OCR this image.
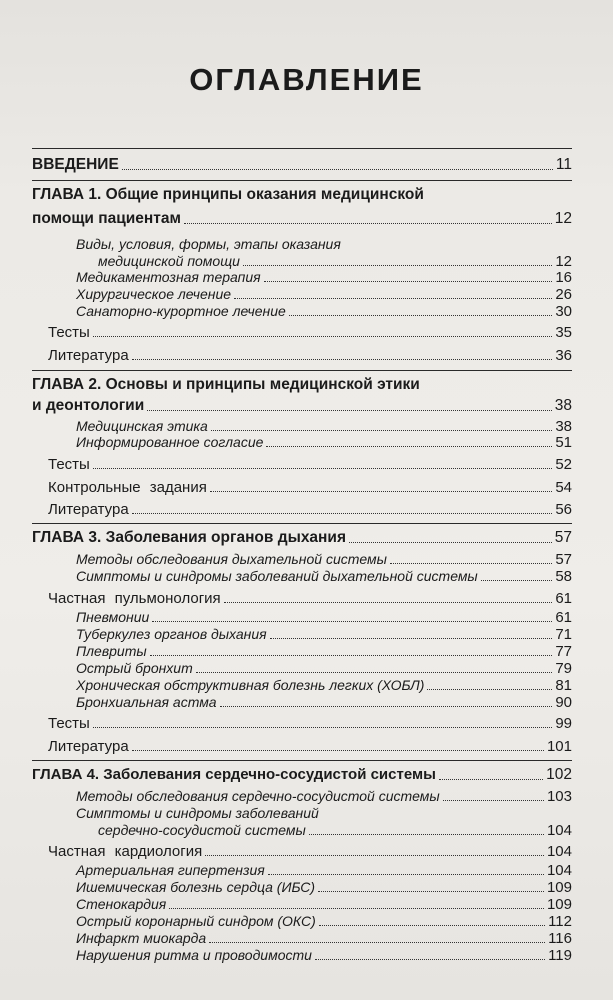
ОГЛАВЛЕНИЕ
ВВЕДЕНИЕ	11
ГЛАВА 1. Общие принципы оказания медицинской
помощи пациентам	12
Виды, условия, формы, этапы оказания
медицинской помощи	12
Медикаментозная терапия	16
Хирургическое лечение	26
Санаторно-курортное лечение	30
Тесты	35
Литература	36
ГЛАВА 2. Основы и принципы медицинской этики
и деонтологии	38
Медицинская этика	38
Информированное согласие	51
Тесты	52
Контрольные задания	54
Литература	56
ГЛАВА 3. Заболевания органов дыхания	57
Методы обследования дыхательной системы	57
Симптомы и синдромы заболеваний дыхательной системы	58
Частная пульмонология	61
Пневмонии	61
Туберкулез органов дыхания	71
Плевриты	77
Острый бронхит	79
Хроническая обструктивная болезнь легких (ХОБЛ)	81
Бронхиальная астма	90
Тесты	99
Литература	101
ГЛАВА 4. Заболевания сердечно-сосудистой системы	102
Методы обследования сердечно-сосудистой системы	103
Симптомы и синдромы заболеваний
сердечно-сосудистой системы	104
Частная кардиология	104
Артериальная гипертензия	104
Ишемическая болезнь сердца (ИБС)	109
Стенокардия	109
Острый коронарный синдром (ОКС)	112
Инфаркт миокарда	116
Нарушения ритма и проводимости	119
